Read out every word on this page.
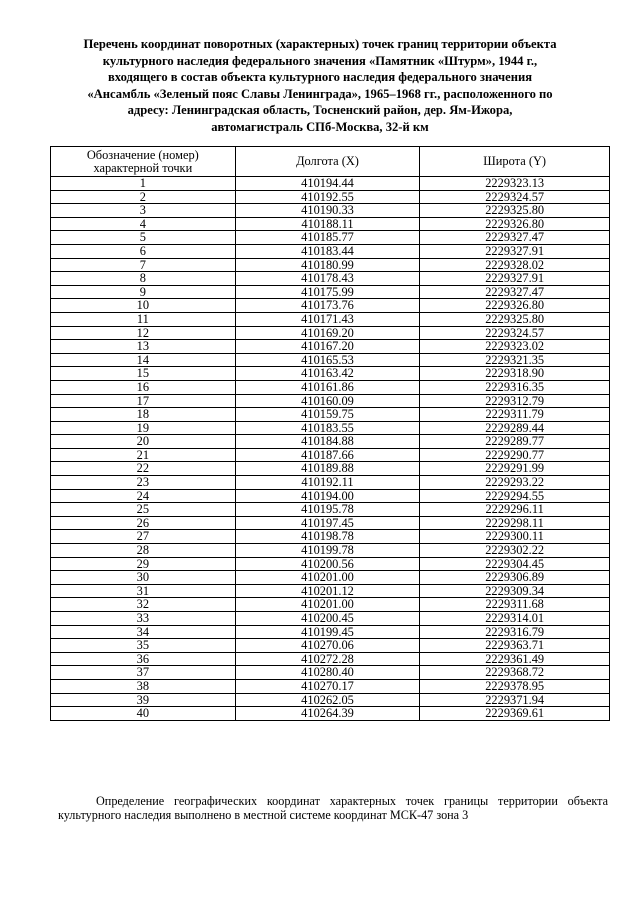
Перечень координат поворотных (характерных) точек границ территории объекта
культурного наследия федерального значения «Памятник «Штурм», 1944 г.,
входящего в состав объекта культурного наследия федерального значения
«Ансамбль «Зеленый пояс Славы Ленинграда», 1965–1968 гг., расположенного по
адресу: Ленинградская область, Тосненский район, дер. Ям-Ижора,
автомагистраль СПб-Москва, 32-й км
Обозначение (номер)
характерной точки	Долгота (X)	Широта (Y)
1	410194.44	2229323.13
2	410192.55	2229324.57
3	410190.33	2229325.80
4	410188.11	2229326.80
5	410185.77	2229327.47
6	410183.44	2229327.91
7	410180.99	2229328.02
8	410178.43	2229327.91
9	410175.99	2229327.47
10	410173.76	2229326.80
11	410171.43	2229325.80
12	410169.20	2229324.57
13	410167.20	2229323.02
14	410165.53	2229321.35
15	410163.42	2229318.90
16	410161.86	2229316.35
17	410160.09	2229312.79
18	410159.75	2229311.79
19	410183.55	2229289.44
20	410184.88	2229289.77
21	410187.66	2229290.77
22	410189.88	2229291.99
23	410192.11	2229293.22
24	410194.00	2229294.55
25	410195.78	2229296.11
26	410197.45	2229298.11
27	410198.78	2229300.11
28	410199.78	2229302.22
29	410200.56	2229304.45
30	410201.00	2229306.89
31	410201.12	2229309.34
32	410201.00	2229311.68
33	410200.45	2229314.01
34	410199.45	2229316.79
35	410270.06	2229363.71
36	410272.28	2229361.49
37	410280.40	2229368.72
38	410270.17	2229378.95
39	410262.05	2229371.94
40	410264.39	2229369.61
Определение географических координат характерных точек границы территории объекта
культурного наследия выполнено в местной системе координат МСК-47 зона 3
